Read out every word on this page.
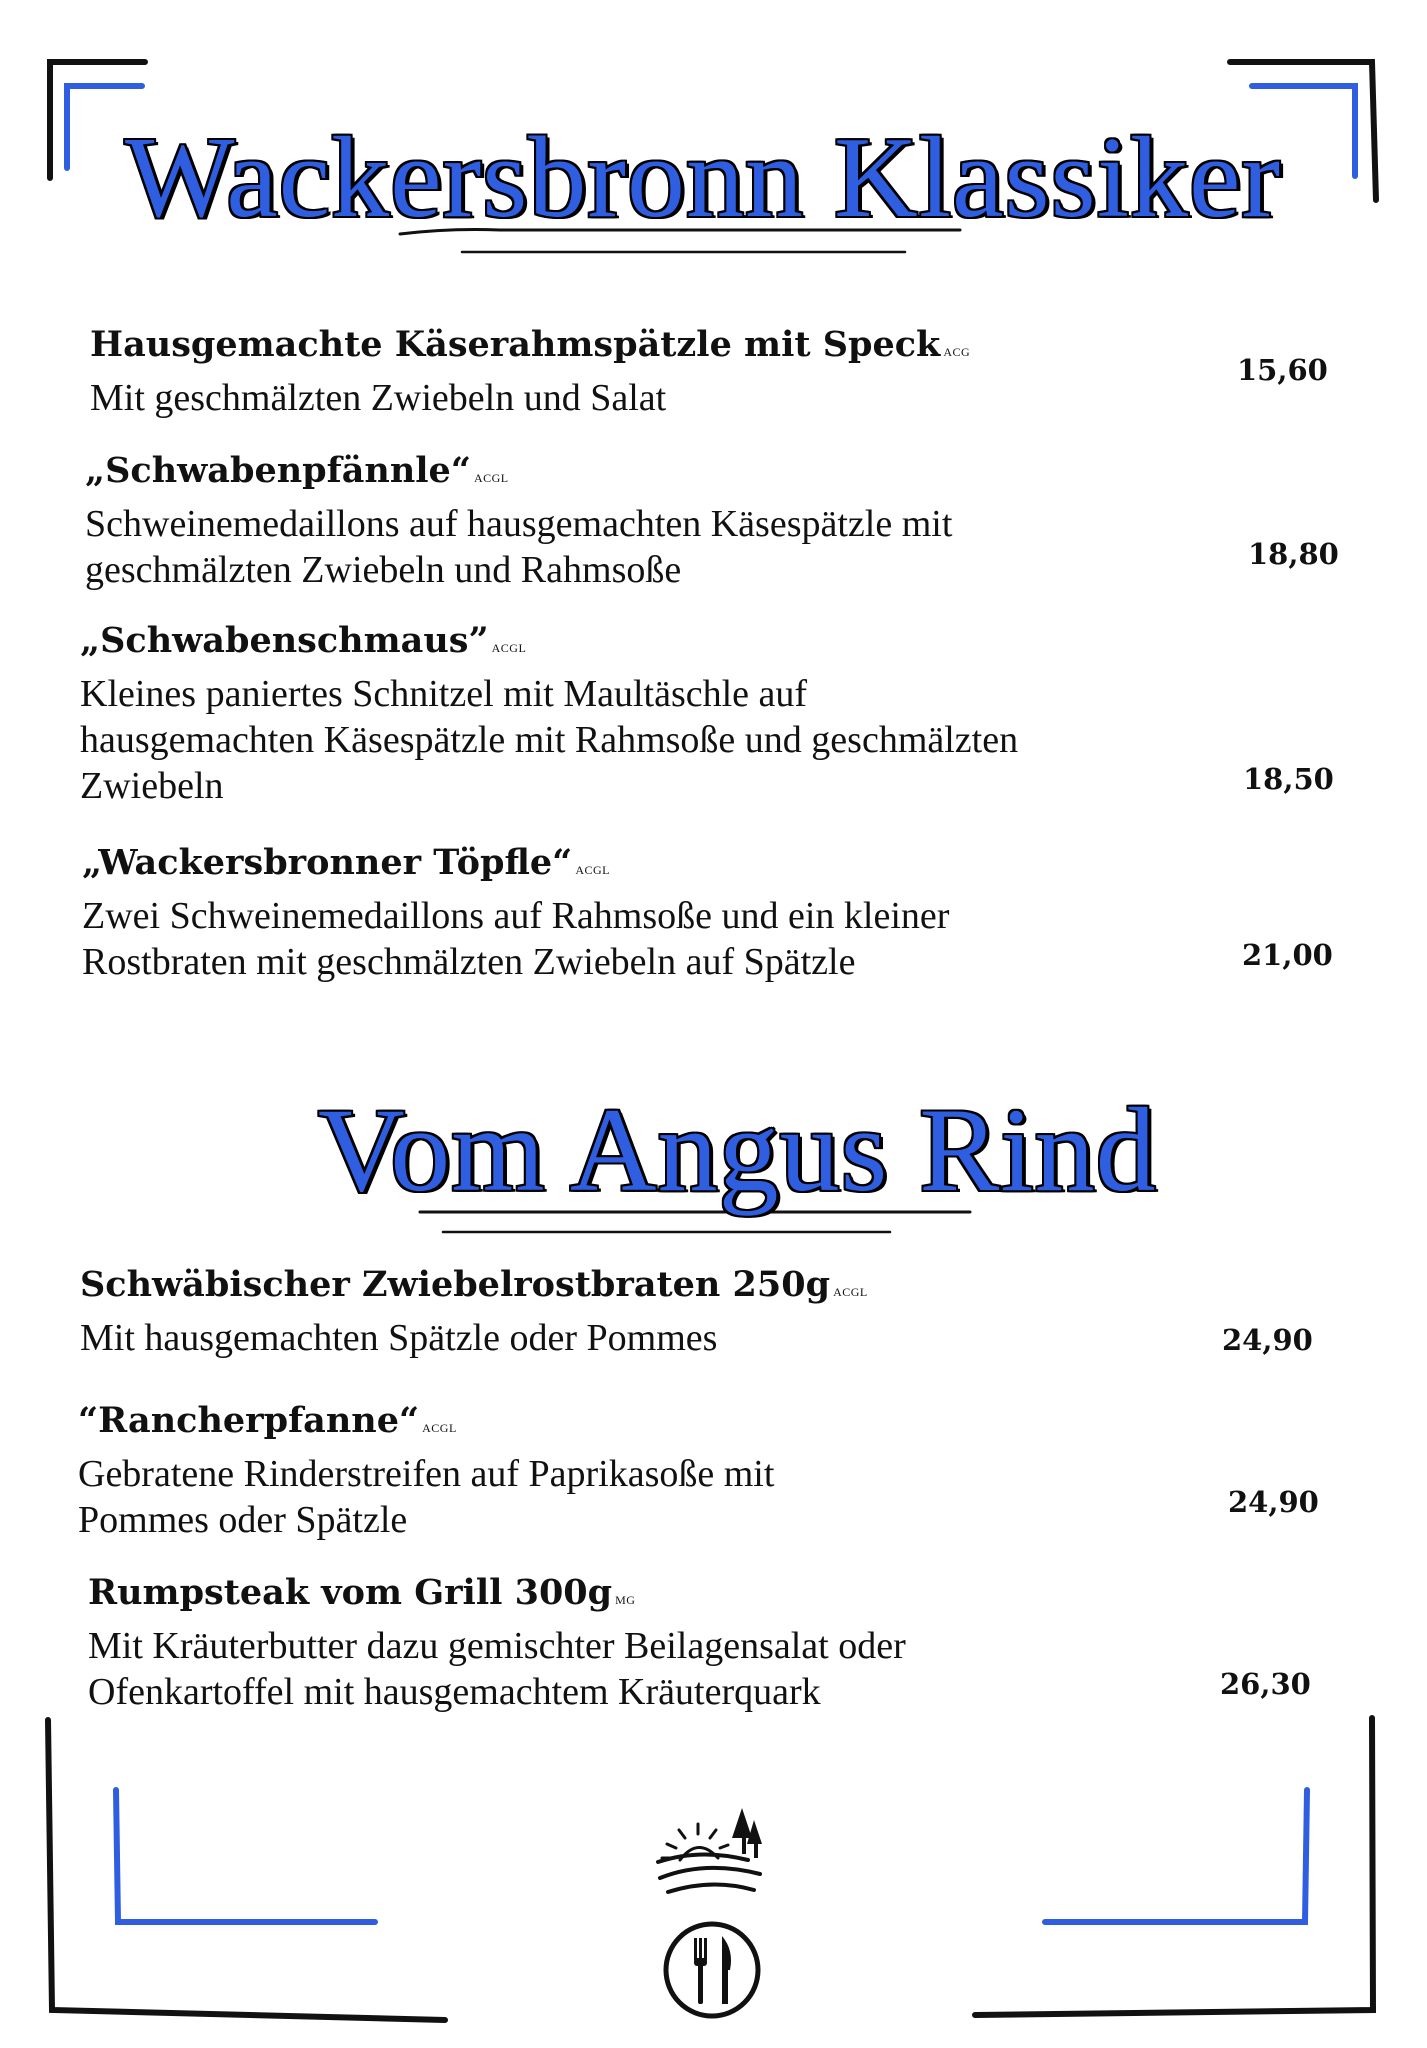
Wackersbronn Klassiker
Hausgemachte Käserahmspätzle mit Speck ACG
Mit geschmälzten Zwiebeln und Salat
15,60
„Schwabenpfännle“ ACGL
Schweinemedaillons auf hausgemachten Käsespätzle mit
geschmälzten Zwiebeln und Rahmsoße	18,80
„Schwabenschmaus” ACGL
Kleines paniertes Schnitzel mit Maultäschle auf
hausgemachten Käsespätzle mit Rahmsoße und geschmälzten
Zwiebeln	18,50
„Wackersbronner Töpfle“ ACGL
Zwei Schweinemedaillons auf Rahmsoße und ein kleiner
Rostbraten mit geschmälzten Zwiebeln auf Spätzle	21,00
Vom Angus Rind
Schwäbischer Zwiebelrostbraten 250g ACGL
Mit hausgemachten Spätzle oder Pommes	24,90
“Rancherpfanne“ ACGL
Gebratene Rinderstreifen auf Paprikasoße mit
Pommes oder Spätzle	24,90
Rumpsteak vom Grill 300g MG
Mit Kräuterbutter dazu gemischter Beilagensalat oder
Ofenkartoffel mit hausgemachtem Kräuterquark	26,30
